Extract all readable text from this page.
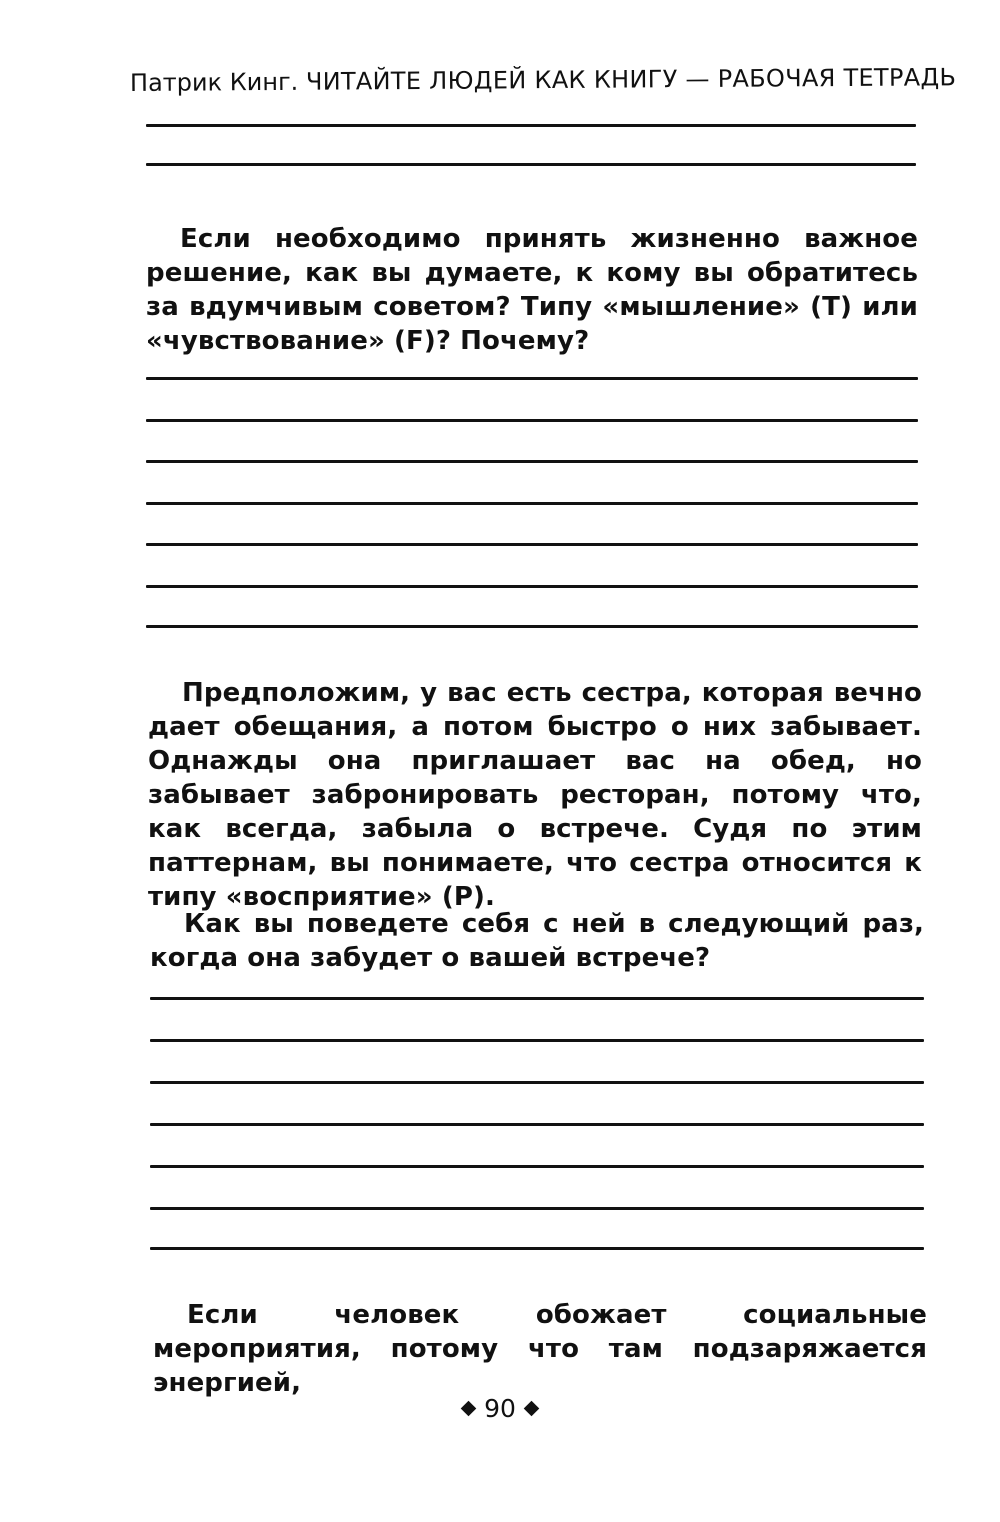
Патрик Кинг. ЧИТАЙТЕ ЛЮДЕЙ КАК КНИГУ — РАБОЧАЯ ТЕТРАДЬ
Если необходимо принять жизненно важное решение, как вы думаете, к кому вы обратитесь за вдумчивым советом? Типу «мышление» (T) или «чувствование» (F)? Почему?
Предположим, у вас есть сестра, которая вечно дает обещания, а потом быстро о них забывает. Однажды она приглашает вас на обед, но забывает забронировать ресторан, потому что, как всегда, забыла о встрече. Судя по этим паттернам, вы понимаете, что сестра относится к типу «восприятие» (P).
Как вы поведете себя с ней в следующий раз, когда она забудет о вашей встрече?
Если человек обожает социальные мероприятия, потому что там подзаряжается энергией,
90
